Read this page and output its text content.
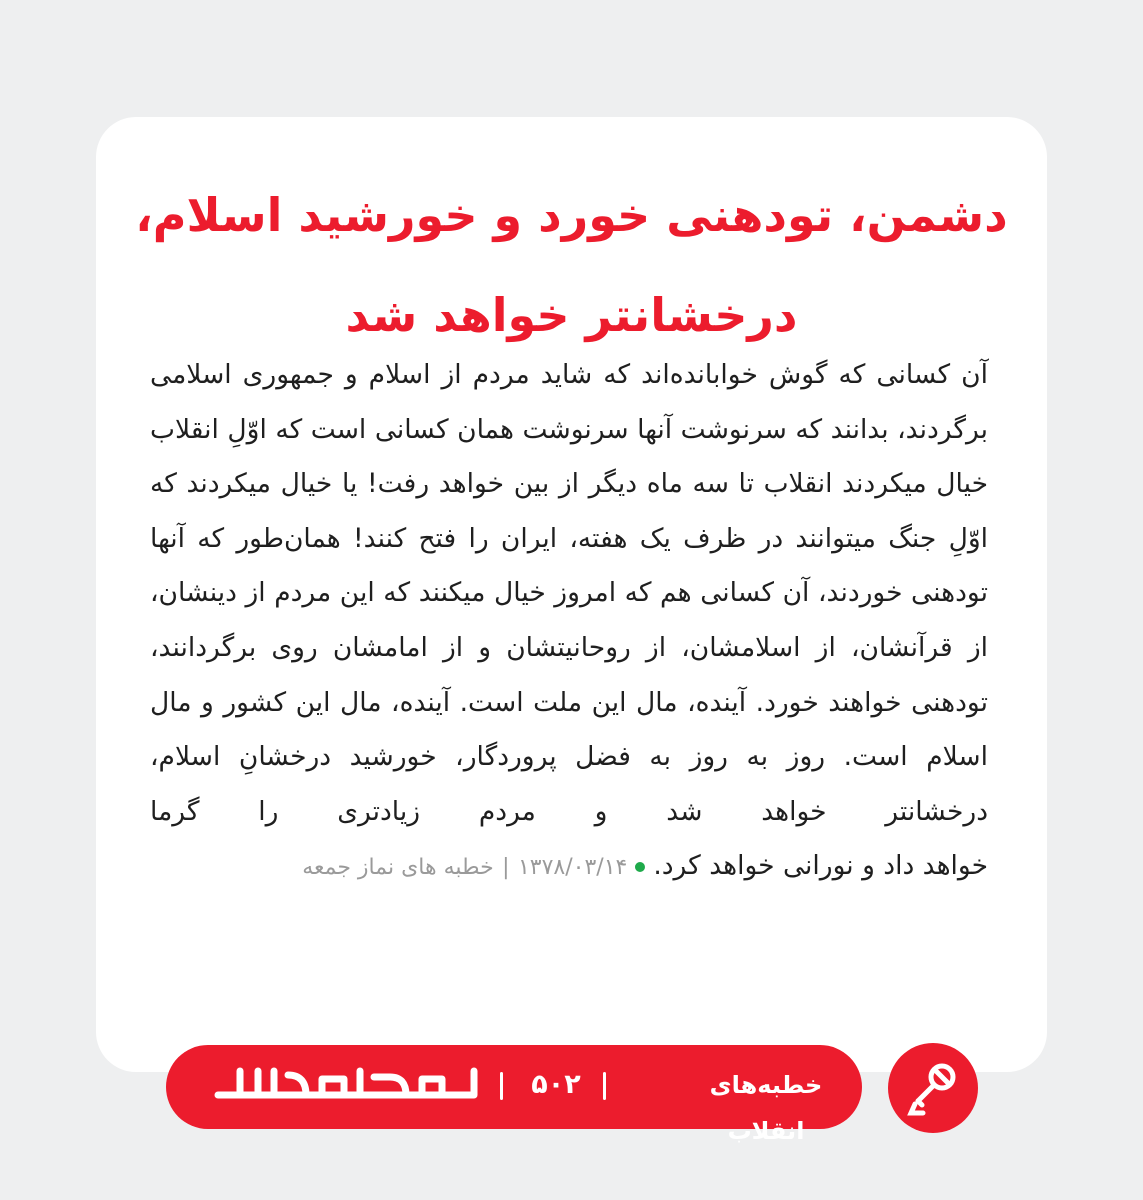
دشمن، تودهنی خورد و خورشید اسلام،
درخشانتر خواهد شد

آن کسانی که گوش خوابانده‌اند که شاید مردم از اسلام و جمهوری اسلامی برگردند، بدانند که سرنوشت آنها سرنوشت همان کسانی است که اوّلِ انقلاب خیال میکردند انقلاب تا سه ماه دیگر از بین خواهد رفت! یا خیال میکردند که اوّلِ جنگ میتوانند در ظرف یک هفته، ایران را فتح کنند! همان‌طور که آنها تودهنی خوردند، آن کسانی هم که امروز خیال میکنند که این مردم از دینشان، از قرآنشان، از اسلامشان، از روحانیتشان و از امامشان روی برگردانند، تودهنی خواهند خورد. آینده، مال این ملت است. آینده، مال این کشور و مال اسلام است. روز به روز به فضل پروردگار، خورشید درخشانِ اسلام، درخشانتر خواهد شد و مردم زیادتری را گرما خواهد داد و نورانی خواهد کرد.۱۳۷۸/۰۳/۱۴ | خطبه های نماز جمعه

خطبه‌های انقلاب
۵۰۲
